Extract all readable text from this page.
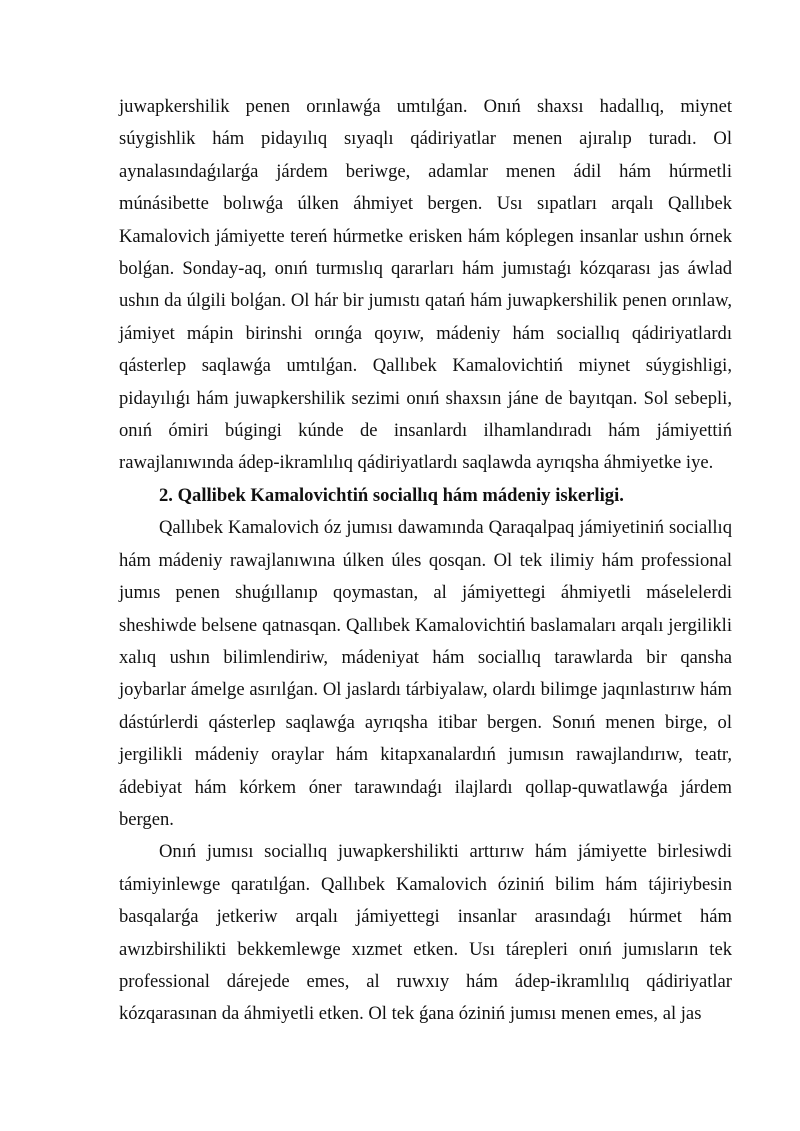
juwapkershilik penen orınlawǵa umtılǵan. Onıń shaxsı hadallıq, miynet súygishlik hám pidayılıq sıyaqlı qádiriyatlar menen ajıralıp turadı. Ol aynalasındaǵılarǵa járdem beriwge, adamlar menen ádil hám húrmetli múnásibette bolıwǵa úlken áhmiyet bergen. Usı sıpatları arqalı Qallıbek Kamalovich jámiyette tereń húrmetke erisken hám kóplegen insanlar ushın órnek bolǵan. Sonday-aq, onıń turmıslıq qararları hám jumıstaǵı kózqarası jas áwlad ushın da úlgili bolǵan. Ol hár bir jumıstı qatań hám juwapkershilik penen orınlaw, jámiyet mápin birinshi orınǵa qoyıw, mádeniy hám sociallıq qádiriyatlardı qásterlep saqlawǵa umtılǵan. Qallıbek Kamalovichtiń miynet súygishligi, pidayılıǵı hám juwapkershilik sezimi onıń shaxsın jáne de bayıtqan. Sol sebepli, onıń ómiri búgingi kúnde de insanlardı ilhamlandıradı hám jámiyettiń rawajlanıwında ádep-ikramlılıq qádiriyatlardı saqlawda ayrıqsha áhmiyetke iye.

2. Qallibek Kamalovichtiń sociallıq hám mádeniy iskerligi.

Qallıbek Kamalovich óz jumısı dawamında Qaraqalpaq jámiyetiniń sociallıq hám mádeniy rawajlanıwına úlken úles qosqan. Ol tek ilimiy hám professional jumıs penen shuǵıllanıp qoymastan, al jámiyettegi áhmiyetli máselelerdi sheshiwde belsene qatnasqan. Qallıbek Kamalovichtiń baslamaları arqalı jergilikli xalıq ushın bilimlendiriw, mádeniyat hám sociallıq tarawlarda bir qansha joybarlar ámelge asırılǵan. Ol jaslardı tárbiyalaw, olardı bilimge jaqınlastırıw hám dástúrlerdi qásterlep saqlawǵa ayrıqsha itibar bergen. Sonıń menen birge, ol jergilikli mádeniy oraylar hám kitapxanalardıń jumısın rawajlandırıw, teatr, ádebiyat hám kórkem óner tarawındaǵı ilajlardı qollap-quwatlawǵa járdem bergen.

Onıń jumısı sociallıq juwapkershilikti arttırıw hám jámiyette birlesiwdi támiyinlewge qaratılǵan. Qallıbek Kamalovich óziniń bilim hám tájiriybesin basqalarǵa jetkeriw arqalı jámiyettegi insanlar arasındaǵı húrmet hám awızbirshilikti bekkemlewge xızmet etken. Usı tárepleri onıń jumısların tek professional dárejede emes, al ruwxıy hám ádep-ikramlılıq qádiriyatlar kózqarasınan da áhmiyetli etken. Ol tek ǵana óziniń jumısı menen emes, al jas
